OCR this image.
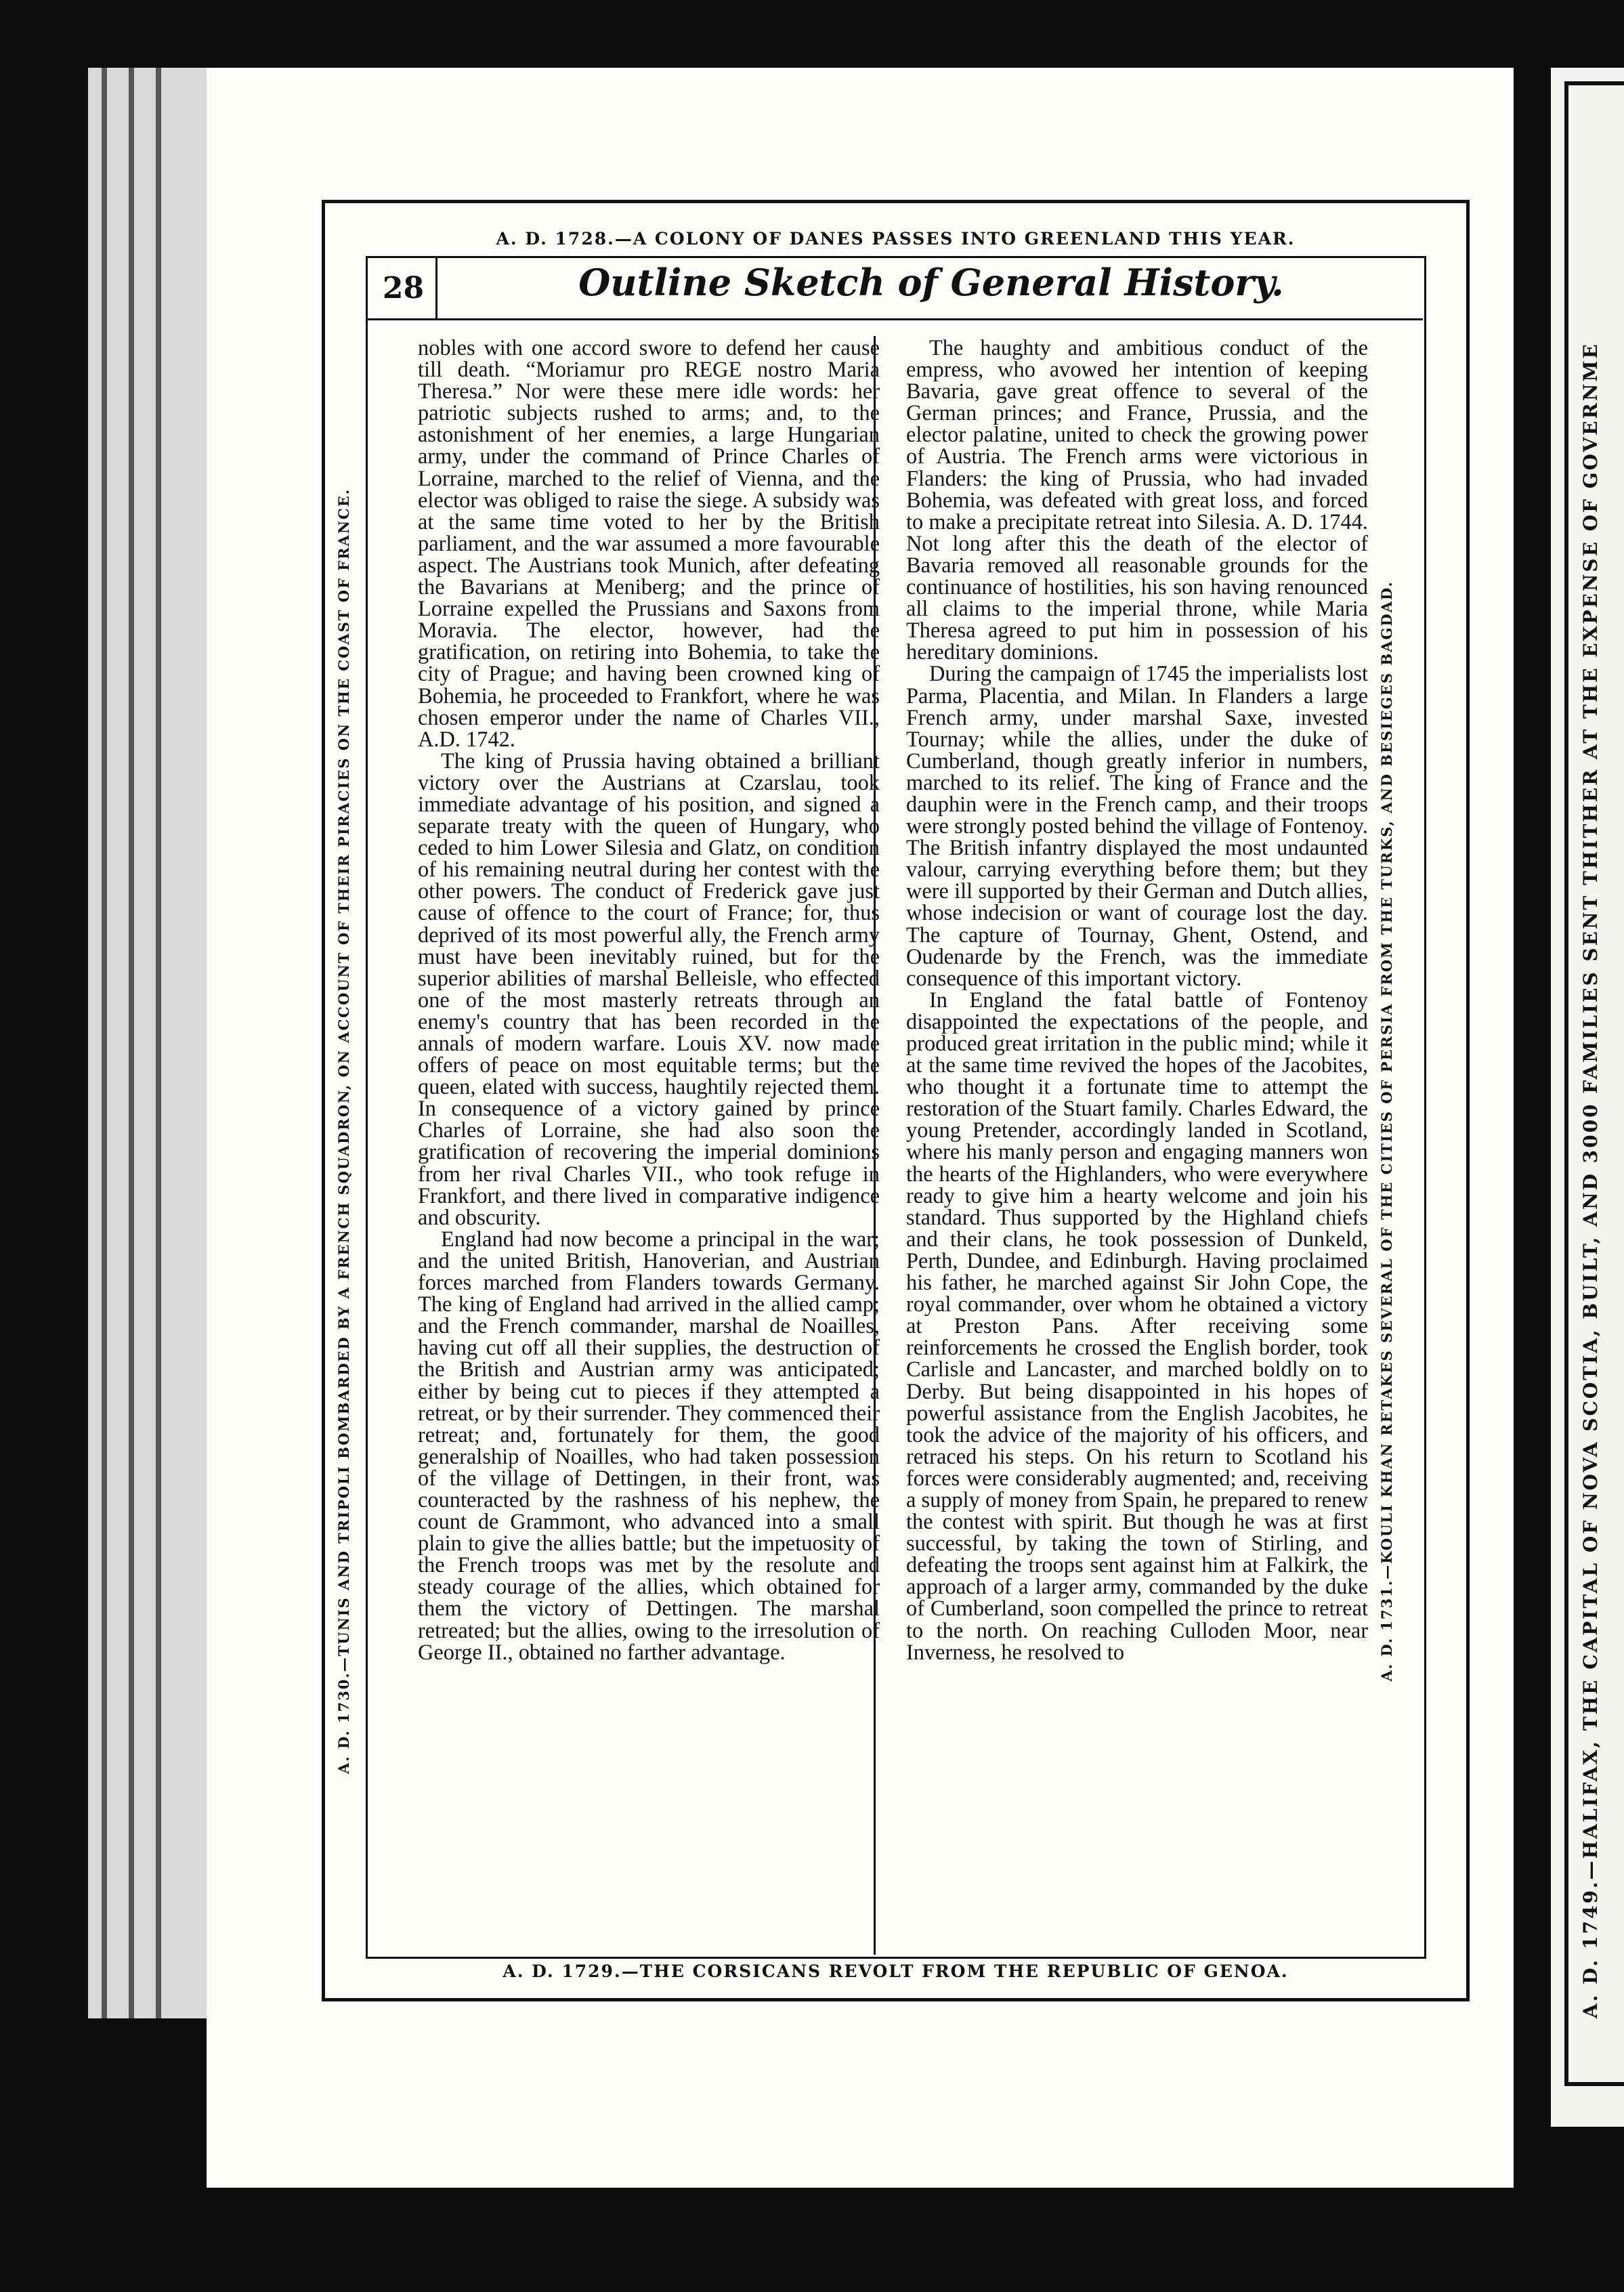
A. D. 1749.—HALIFAX, THE CAPITAL OF NOVA SCOTIA, BUILT, AND 3000 FAMILIES SENT THITHER AT THE EXPENSE OF GOVERNME
A. D. 1728.—A COLONY OF DANES PASSES INTO GREENLAND THIS YEAR.
A. D. 1729.—THE CORSICANS REVOLT FROM THE REPUBLIC OF GENOA.
A. D. 1730.—TUNIS AND TRIPOLI BOMBARDED BY A FRENCH SQUADRON, ON ACCOUNT OF THEIR PIRACIES ON THE COAST OF FRANCE.	A. D. 1731.—KOULI KHAN RETAKES SEVERAL OF THE CITIES OF PERSIA FROM THE TURKS, AND BESIEGES BAGDAD.
28	Outline Sketch of General History.

nobles with one accord swore to defend her cause till death. “Moriamur pro REGE nostro Maria Theresa.” Nor were these mere idle words: her patriotic subjects rushed to arms; and, to the astonishment of her enemies, a large Hungarian army, under the command of Prince Charles of Lorraine, marched to the relief of Vienna, and the elector was obliged to raise the siege. A subsidy was at the same time voted to her by the British parliament, and the war assumed a more favourable aspect. The Austrians took Munich, after defeating the Bavarians at Meniberg; and the prince of Lorraine expelled the Prussians and Saxons from Moravia. The elector, however, had the gratification, on retiring into Bohemia, to take the city of Prague; and having been crowned king of Bohemia, he proceeded to Frankfort, where he was chosen emperor under the name of Charles VII., A.D. 1742.

The king of Prussia having obtained a brilliant victory over the Austrians at Czarslau, took immediate advantage of his position, and signed a separate treaty with the queen of Hungary, who ceded to him Lower Silesia and Glatz, on condition of his remaining neutral during her contest with the other powers. The conduct of Frederick gave just cause of offence to the court of France; for, thus deprived of its most powerful ally, the French army must have been inevitably ruined, but for the superior abilities of marshal Belleisle, who effected one of the most masterly retreats through an enemy's country that has been recorded in the annals of modern warfare. Louis XV. now made offers of peace on most equitable terms; but the queen, elated with success, haughtily rejected them. In consequence of a victory gained by prince Charles of Lorraine, she had also soon the gratification of recovering the imperial dominions from her rival Charles VII., who took refuge in Frankfort, and there lived in comparative indigence and obscurity.

England had now become a principal in the war; and the united British, Hanoverian, and Austrian forces marched from Flanders towards Germany. The king of England had arrived in the allied camp; and the French commander, marshal de Noailles, having cut off all their supplies, the destruction of the British and Austrian army was anticipated; either by being cut to pieces if they attempted a retreat, or by their surrender. They commenced their retreat; and, fortunately for them, the good generalship of Noailles, who had taken possession of the village of Dettingen, in their front, was counteracted by the rashness of his nephew, the count de Grammont, who advanced into a small plain to give the allies battle; but the impetuosity of the French troops was met by the resolute and steady courage of the allies, which obtained for them the victory of Dettingen. The marshal retreated; but the allies, owing to the irresolution of George II., obtained no farther advantage.

The haughty and ambitious conduct of the empress, who avowed her intention of keeping Bavaria, gave great offence to several of the German princes; and France, Prussia, and the elector palatine, united to check the growing power of Austria. The French arms were victorious in Flanders: the king of Prussia, who had invaded Bohemia, was defeated with great loss, and forced to make a precipitate retreat into Silesia. A. D. 1744. Not long after this the death of the elector of Bavaria removed all reasonable grounds for the continuance of hostilities, his son having renounced all claims to the imperial throne, while Maria Theresa agreed to put him in possession of his hereditary dominions.

During the campaign of 1745 the imperialists lost Parma, Placentia, and Milan. In Flanders a large French army, under marshal Saxe, invested Tournay; while the allies, under the duke of Cumberland, though greatly inferior in numbers, marched to its relief. The king of France and the dauphin were in the French camp, and their troops were strongly posted behind the village of Fontenoy. The British infantry displayed the most undaunted valour, carrying everything before them; but they were ill supported by their German and Dutch allies, whose indecision or want of courage lost the day. The capture of Tournay, Ghent, Ostend, and Oudenarde by the French, was the immediate consequence of this important victory.

In England the fatal battle of Fontenoy disappointed the expectations of the people, and produced great irritation in the public mind; while it at the same time revived the hopes of the Jacobites, who thought it a fortunate time to attempt the restoration of the Stuart family. Charles Edward, the young Pretender, accordingly landed in Scotland, where his manly person and engaging manners won the hearts of the Highlanders, who were everywhere ready to give him a hearty welcome and join his standard. Thus supported by the Highland chiefs and their clans, he took possession of Dunkeld, Perth, Dundee, and Edinburgh. Having proclaimed his father, he marched against Sir John Cope, the royal commander, over whom he obtained a victory at Preston Pans. After receiving some reinforcements he crossed the English border, took Carlisle and Lancaster, and marched boldly on to Derby. But being disappointed in his hopes of powerful assistance from the English Jacobites, he took the advice of the majority of his officers, and retraced his steps. On his return to Scotland his forces were considerably augmented; and, receiving a supply of money from Spain, he prepared to renew the contest with spirit. But though he was at first successful, by taking the town of Stirling, and defeating the troops sent against him at Falkirk, the approach of a larger army, commanded by the duke of Cumberland, soon compelled the prince to retreat to the north. On reaching Culloden Moor, near Inverness, he resolved to
